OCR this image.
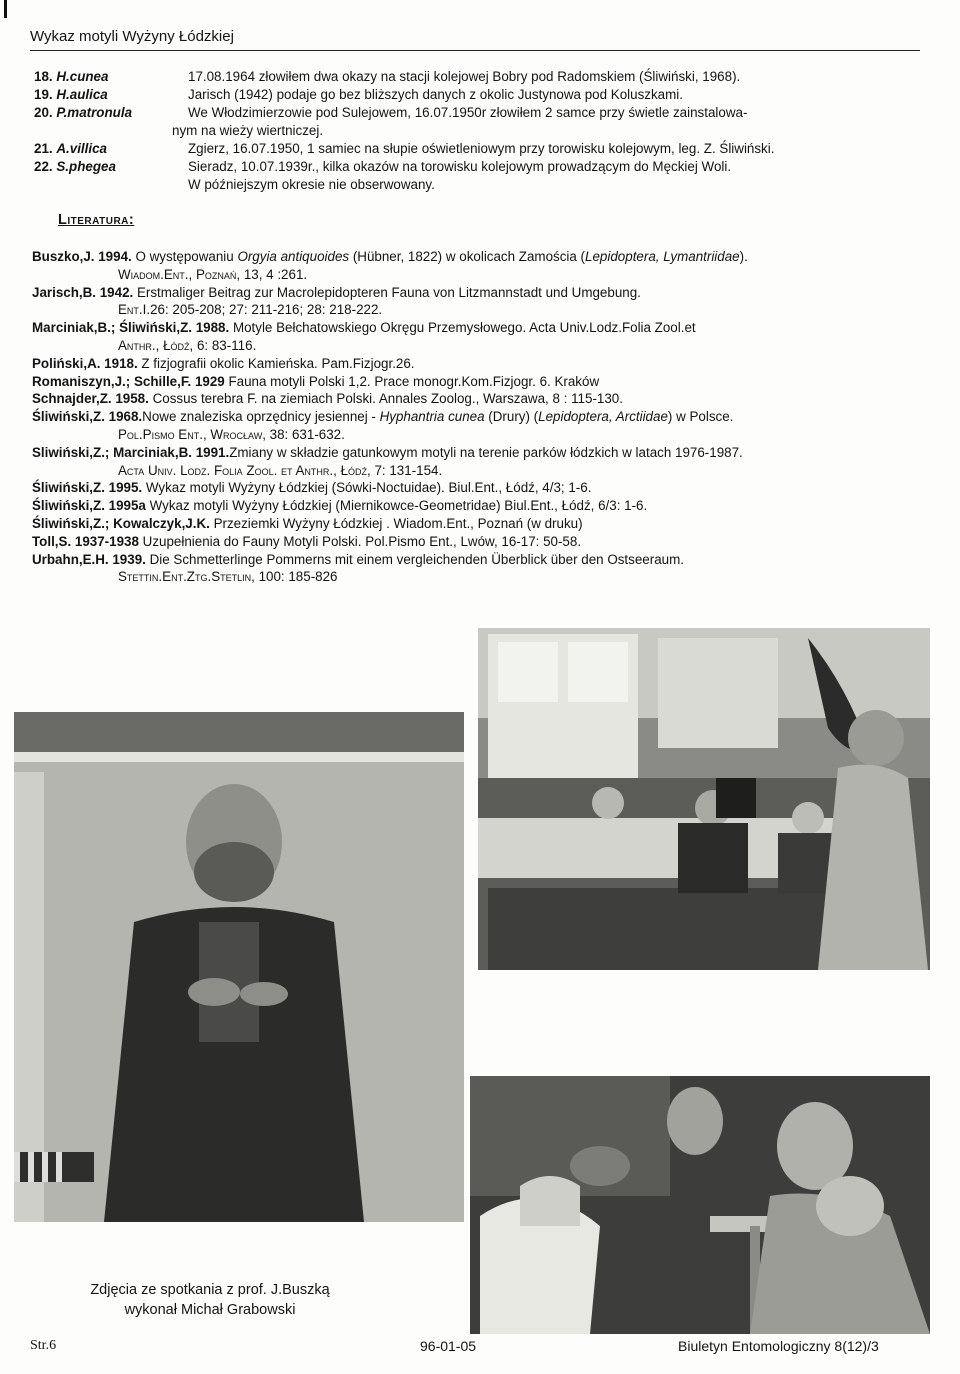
Wykaz motyli Wyżyny Łódzkiej
18. H.cunea	17.08.1964 złowiłem dwa okazy na stacji kolejowej Bobry pod Radomskiem (Śliwiński, 1968).
19. H.aulica	Jarisch (1942) podaje go bez bliższych danych z okolic Justynowa pod Koluszkami.
20. P.matronula	We Włodzimierzowie pod Sulejowem, 16.07.1950r złowiłem 2 samce przy świetle zainstalowa-
nym na wieży wiertniczej.
21. A.villica	Zgierz, 16.07.1950, 1 samiec na słupie oświetleniowym przy torowisku kolejowym, leg. Z. Śliwiński.
22. S.phegea	Sieradz, 10.07.1939r., kilka okazów na torowisku kolejowym prowadzącym do Męckiej Woli.
W późniejszym okresie nie obserwowany.
Literatura:
Buszko,J. 1994. O występowaniu Orgyia antiquoides (Hübner, 1822) w okolicach Zamościa (Lepidoptera, Lymantriidae).
Wiadom.Ent., Poznań, 13, 4 :261.
Jarisch,B. 1942. Erstmaliger Beitrag zur Macrolepidopteren Fauna von Litzmannstadt und Umgebung.
Ent.I.26: 205-208; 27: 211-216; 28: 218-222.
Marciniak,B.; Śliwiński,Z. 1988. Motyle Bełchatowskiego Okręgu Przemysłowego. Acta Univ.Lodz.Folia Zool.et
Anthr., Łódź, 6: 83-116.
Poliński,A. 1918. Z fizjografii okolic Kamieńska. Pam.Fizjogr.26.
Romaniszyn,J.; Schille,F. 1929 Fauna motyli Polski 1,2. Prace monogr.Kom.Fizjogr. 6. Kraków
Schnajder,Z. 1958. Cossus terebra F. na ziemiach Polski. Annales Zoolog., Warszawa, 8 : 115-130.
Śliwiński,Z. 1968.Nowe znaleziska oprzędnicy jesiennej - Hyphantria cunea (Drury) (Lepidoptera, Arctiidae) w Polsce.
Pol.Pismo Ent., Wrocław, 38: 631-632.
Sliwiński,Z.; Marciniak,B. 1991.Zmiany w składzie gatunkowym motyli na terenie parków łódzkich w latach 1976-1987.
Acta Univ. Lodz. Folia Zool. et Anthr., Łódź, 7: 131-154.
Śliwiński,Z. 1995. Wykaz motyli Wyżyny Łódzkiej (Sówki-Noctuidae). Biul.Ent., Łódź, 4/3; 1-6.
Śliwiński,Z. 1995a Wykaz motyli Wyżyny Łódzkiej (Miernikowce-Geometridae) Biul.Ent., Łódź, 6/3: 1-6.
Śliwiński,Z.; Kowalczyk,J.K. Przeziemki Wyżyny Łódzkiej . Wiadom.Ent., Poznań (w druku)
Toll,S. 1937-1938 Uzupełnienia do Fauny Motyli Polski. Pol.Pismo Ent., Lwów, 16-17: 50-58.
Urbahn,E.H. 1939. Die Schmetterlinge Pommerns mit einem vergleichenden Überblick über den Ostseeraum.
Stettin.Ent.Ztg.Stetlin, 100: 185-826
Zdjęcia ze spotkania z prof. J.Buszką
wykonał Michał Grabowski
Str.6	96-01-05	Biuletyn Entomologiczny 8(12)/3
